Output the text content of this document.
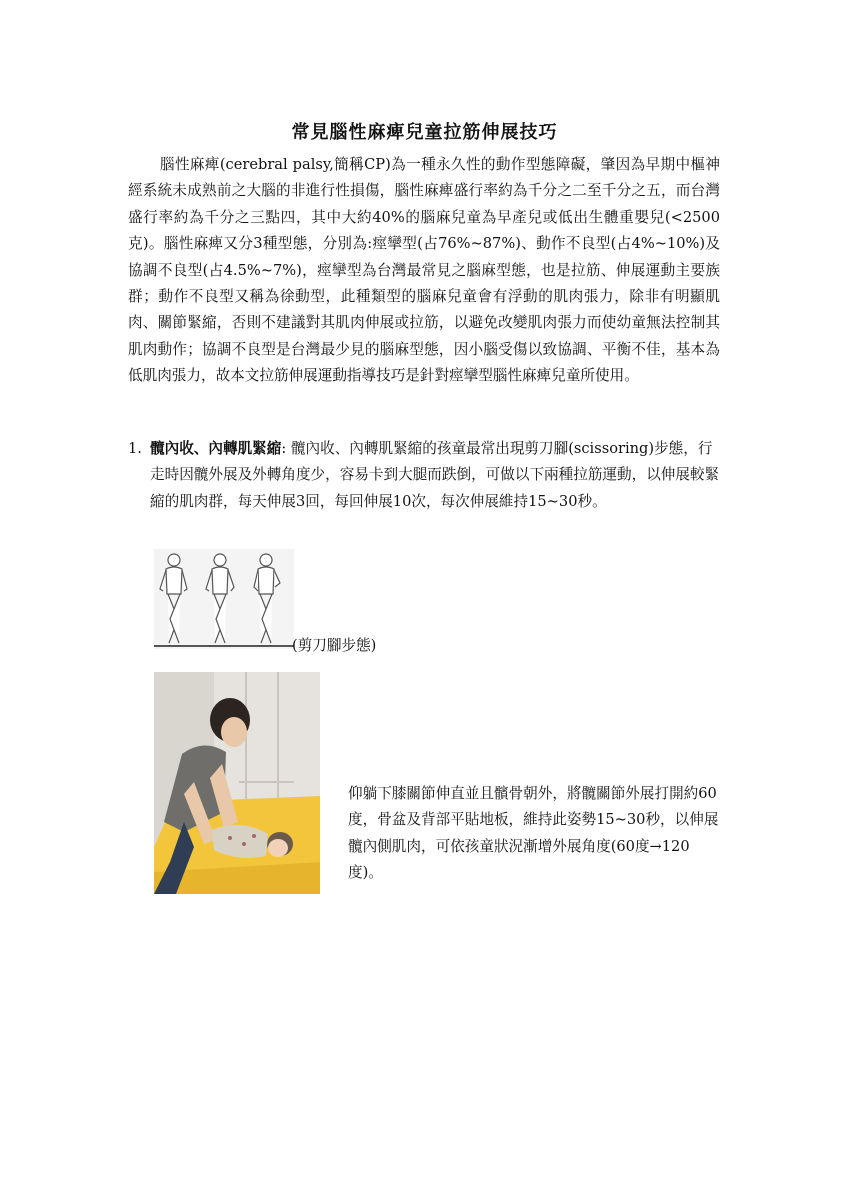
常見腦性麻痺兒童拉筋伸展技巧

腦性麻痺(cerebral palsy,簡稱CP)為一種永久性的動作型態障礙，肇因為早期中樞神經系統未成熟前之大腦的非進行性損傷，腦性麻痺盛行率約為千分之二至千分之五，而台灣盛行率約為千分之三點四，其中大約40%的腦麻兒童為早產兒或低出生體重嬰兒(<2500克)。腦性麻痺又分3種型態，分別為:痙攣型(占76%~87%)、動作不良型(占4%~10%)及協調不良型(占4.5%~7%)，痙攣型為台灣最常見之腦麻型態，也是拉筋、伸展運動主要族群；動作不良型又稱為徐動型，此種類型的腦麻兒童會有浮動的肌肉張力，除非有明顯肌肉、關節緊縮，否則不建議對其肌肉伸展或拉筋，以避免改變肌肉張力而使幼童無法控制其肌肉動作；協調不良型是台灣最少見的腦麻型態，因小腦受傷以致協調、平衡不佳，基本為低肌肉張力，故本文拉筋伸展運動指導技巧是針對痙攣型腦性麻痺兒童所使用。

1. 髖內收、內轉肌緊縮: 髖內收、內轉肌緊縮的孩童最常出現剪刀腳(scissoring)步態，行走時因髖外展及外轉角度少，容易卡到大腿而跌倒，可做以下兩種拉筋運動，以伸展較緊縮的肌肉群，每天伸展3回，每回伸展10次，每次伸展維持15~30秒。
(剪刀腳步態)

仰躺下膝關節伸直並且髕骨朝外，將髖關節外展打開約60度，骨盆及背部平貼地板，維持此姿勢15~30秒，以伸展髖內側肌肉，可依孩童狀況漸增外展角度(60度→120度)。
